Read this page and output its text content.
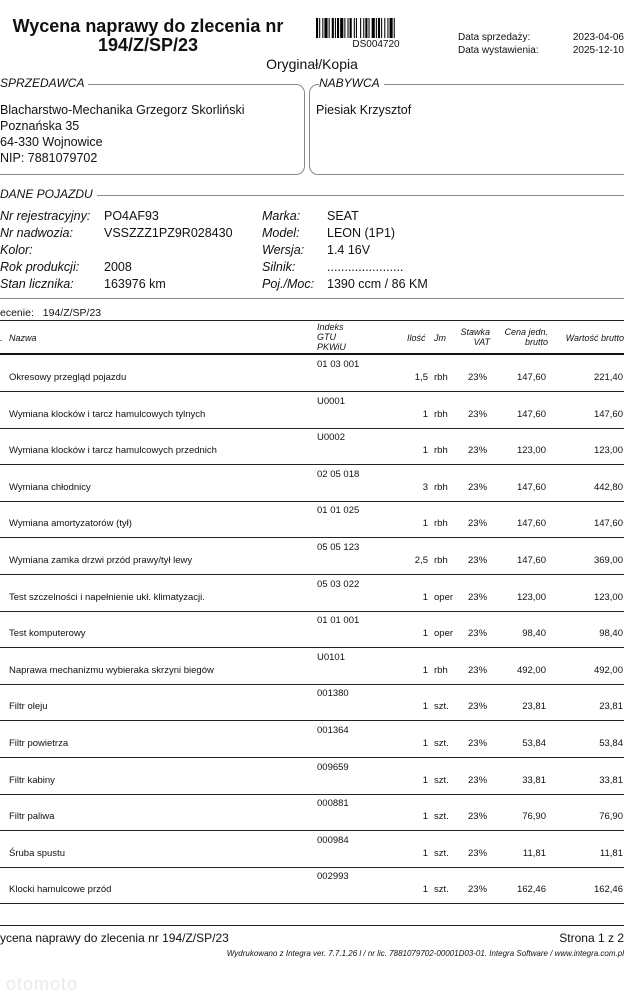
Wycena naprawy do zlecenia nr 194/Z/SP/23	DS004720
Data sprzedaży:	2023-04-06
Data wystawienia:	2025-12-10
Oryginał/Kopia
SPRZEDAWCA
Blacharstwo-Mechanika Grzegorz Skorliński
Poznańska 35
64-330 Wojnowice
NIP: 7881079702
NABYWCA
Piesiak Krzysztof
DANE POJAZDU
Nr rejestracyjny: PO4AF93
Nr nadwozia: VSSZZZ1PZ9R028430
Kolor:
Rok produkcji: 2008
Stan licznika: 163976 km
Marka: SEAT
Model: LEON (1P1)
Wersja: 1.4 16V
Silnik:	......................
Poj./Moc: 1390 ccm / 86 KM
ecenie: 194/Z/SP/23
. Nazwa
Indeks GTU PKWiU
Ilość Jm
Stawka VAT
Cena jedn. brutto	Wartość brutto
Okresowy przegląd pojazdu
01 03 001
1,5 rbh 23%	147,60	221,40
Wymiana klocków i tarcz hamulcowych tylnych
U0001
1 rbh 23%	147,60	147,60
Wymiana klocków i tarcz hamulcowych przednich
U0002
1 rbh 23%	123,00	123,00
Wymiana chłodnicy
02 05 018
3 rbh 23%	147,60	442,80
Wymiana amortyzatorów (tył)
01 01 025
1 rbh 23%	147,60	147,60
Wymiana zamka drzwi przód prawy/tył lewy
05 05 123
2,5 rbh 23%	147,60	369,00
Test szczelności i napełnienie ukł. klimatyzacji.
05 03 022
1 oper 23%	123,00	123,00
Test komputerowy
01 01 001
1 oper 23%	98,40	98,40
Naprawa mechanizmu wybieraka skrzyni biegów
U0101
1 rbh 23%	492,00	492,00
Filtr oleju
001380
1 szt. 23%	23,81	23,81
Filtr powietrza
001364
1 szt. 23%	53,84	53,84
Filtr kabiny
009659
1 szt. 23%	33,81	33,81
Filtr paliwa
000881
1 szt. 23%	76,90	76,90
Śruba spustu
000984
1 szt. 23%	11,81	11,81
Klocki hamulcowe przód
002993
1 szt. 23%	162,46	162,46
ycena naprawy do zlecenia nr 194/Z/SP/23	Strona 1 z 2
Wydrukowano z Integra ver. 7.7.1.26 l / nr lic. 7881079702-00001D03-01. Integra Software / www.integra.com.pl
otomoto
